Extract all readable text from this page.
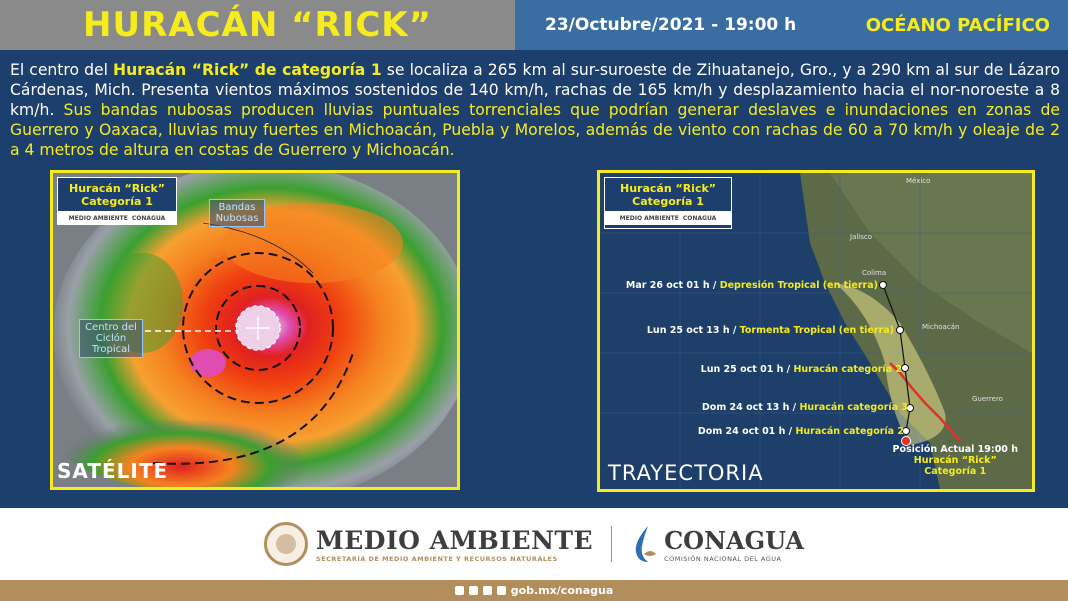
HURACÁN “RICK”	23/Octubre/2021 - 19:00 h	OCÉANO PACÍFICO
El centro del Huracán “Rick” de categoría 1 se localiza a 265 km al sur-suroeste de Zihuatanejo, Gro., y a 290 km al sur de Lázaro Cárdenas, Mich. Presenta vientos máximos sostenidos de 140 km/h, rachas de 165 km/h y desplazamiento hacia el nor-noroeste a 8 km/h. Sus bandas nubosas producen lluvias puntuales torrenciales que podrían generar deslaves e inundaciones en zonas de Guerrero y Oaxaca, lluvias muy fuertes en Michoacán, Puebla y Morelos, además de viento con rachas de 60 a 70 km/h y oleaje de 2 a 4 metros de altura en costas de Guerrero y Michoacán.
Huracán “Rick”
Categoría 1
MEDIO AMBIENTE CONAGUA
Bandas Nubosas
Centro del Ciclón Tropical
SATÉLITE
Huracán “Rick”
Categoría 1
MEDIO AMBIENTE CONAGUA
México
Jalisco
Colima
Michoacán
Guerrero
Mar 26 oct 01 h / Depresión Tropical (en tierra)
Lun 25 oct 13 h / Tormenta Tropical (en tierra)
Lun 25 oct 01 h / Huracán categoría 2
Dom 24 oct 13 h / Huracán categoría 3
Dom 24 oct 01 h / Huracán categoría 2
Posición Actual 19:00 h
Huracán “Rick”
Categoría 1
TRAYECTORIA
MEDIO AMBIENTE
SECRETARÍA DE MEDIO AMBIENTE Y RECURSOS NATURALES
CONAGUA
COMISIÓN NACIONAL DEL AGUA
gob.mx/conagua
